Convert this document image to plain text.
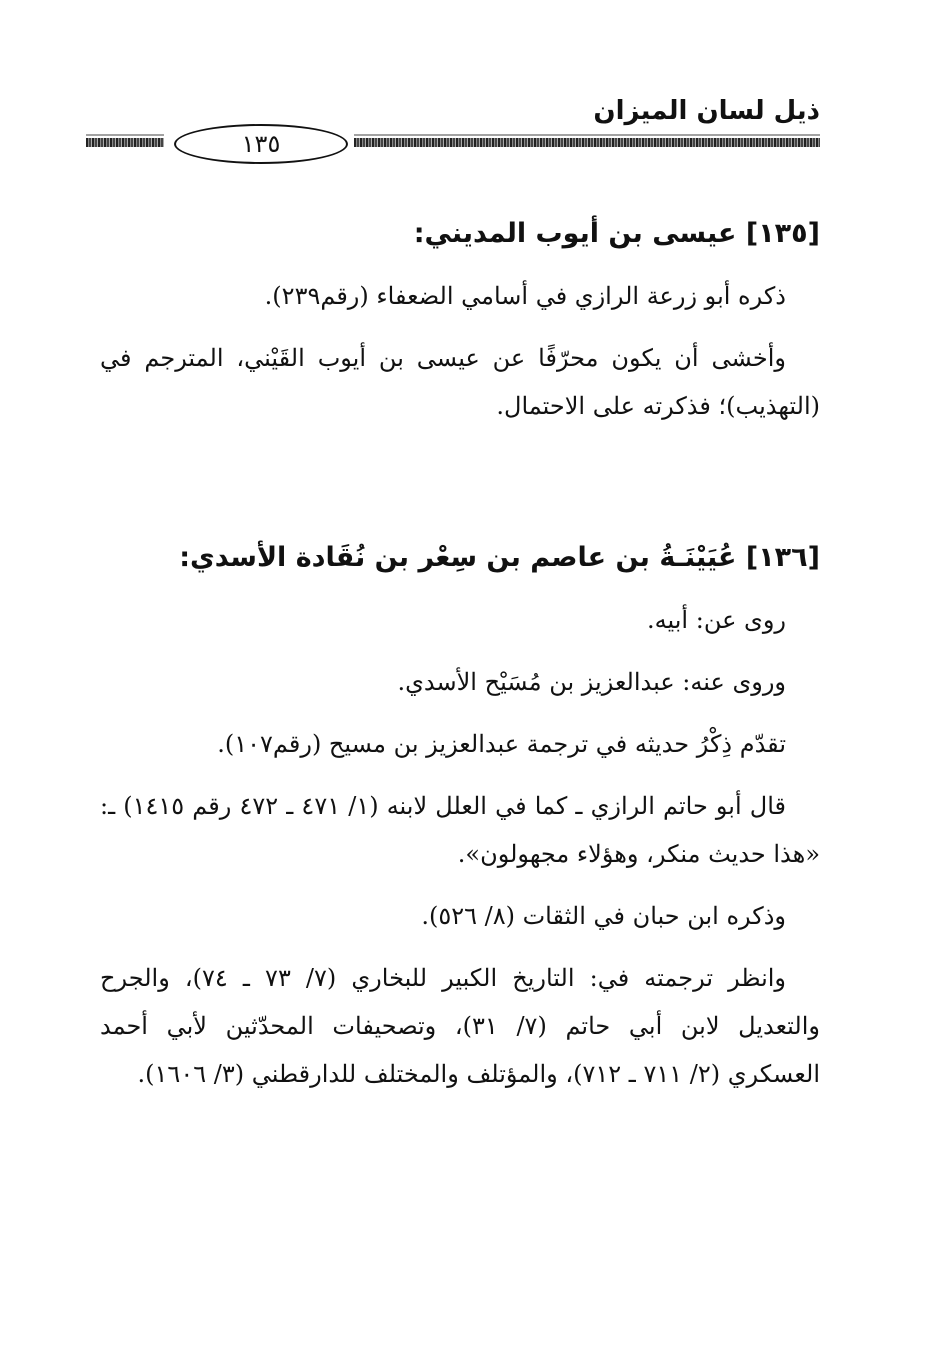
ذيل لسان الميزان
١٣٥
[١٣٥] عيسى بن أيوب المديني:

ذكره أبو زرعة الرازي في أسامي الضعفاء (رقم٢٣٩).

وأخشى أن يكون محرّفًا عن عيسى بن أيوب القَيْني، المترجم في (التهذيب)؛ فذكرته على الاحتمال.

[١٣٦] عُيَيْنَـةُ بن عاصم بن سِعْر بن نُقَادة الأسدي:

روى عن: أبيه.

وروى عنه: عبدالعزيز بن مُسَيْح الأسدي.

تقدّم ذِكْرُ حديثه في ترجمة عبدالعزيز بن مسيح (رقم١٠٧).

قال أبو حاتم الرازي ـ كما في العلل لابنه (١/ ٤٧١ ـ ٤٧٢ رقم ١٤١٥) ـ: «هذا حديث منكر، وهؤلاء مجهولون».

وذكره ابن حبان في الثقات (٨/ ٥٢٦).

وانظر ترجمته في: التاريخ الكبير للبخاري (٧/ ٧٣ ـ ٧٤)، والجرح والتعديل لابن أبي حاتم (٧/ ٣١)، وتصحيفات المحدّثين لأبي أحمد العسكري (٢/ ٧١١ ـ ٧١٢)، والمؤتلف والمختلف للدارقطني (٣/ ١٦٠٦).
